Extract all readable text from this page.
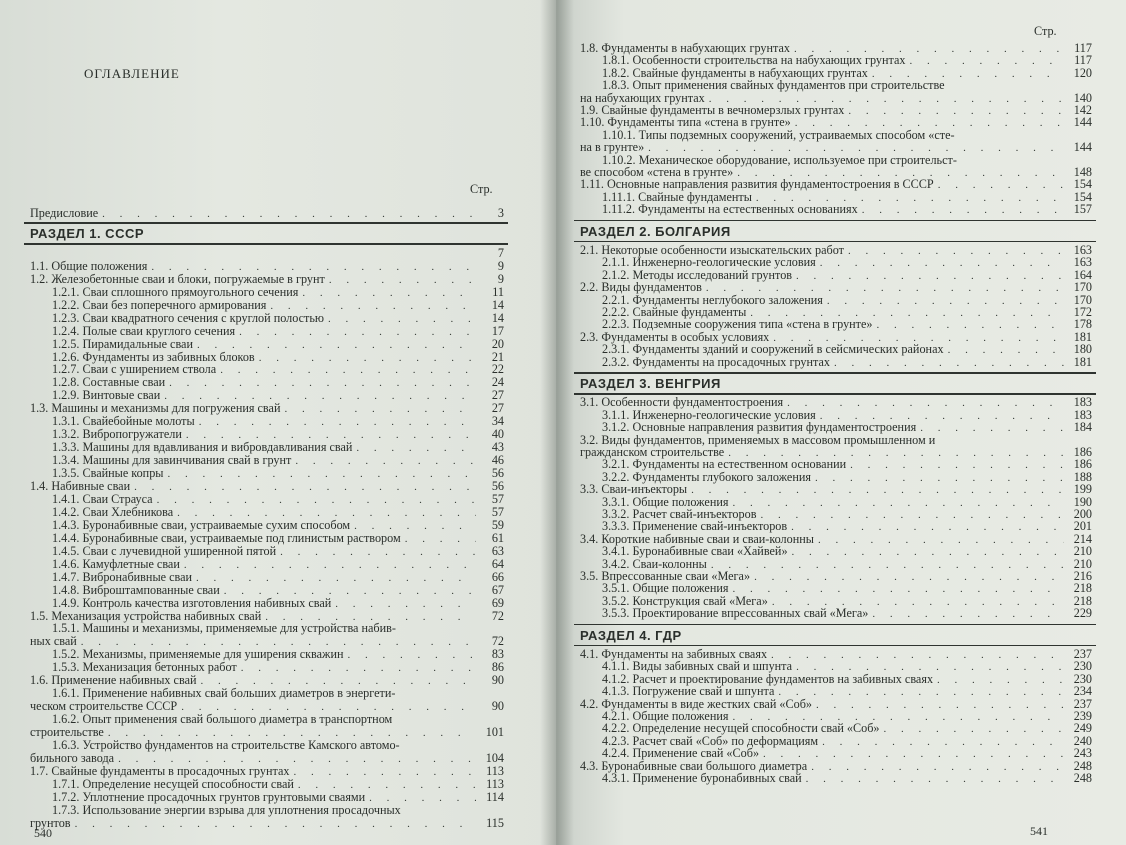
ОГЛАВЛЕНИЕ
Стр.
Предисловие . . .	3
РАЗДЕЛ 1. СССР
7
1.1. Общие положения . . .	9
1.2. Железобетонные сваи и блоки, погружаемые в грунт . . .	9
1.2.1. Сваи сплошного прямоугольного сечения . . .	11
1.2.2. Сваи без поперечного армирования . . .	14
1.2.3. Сваи квадратного сечения с круглой полостью . . .	14
1.2.4. Полые сваи круглого сечения . . .	17
1.2.5. Пирамидальные сваи . . .	20
1.2.6. Фундаменты из забивных блоков . . .	21
1.2.7. Сваи с уширением ствола . . .	22
1.2.8. Составные сваи . . .	24
1.2.9. Винтовые сваи . . .	27
1.3. Машины и механизмы для погружения свай . . .	27
1.3.1. Свайебойные молоты . . .	34
1.3.2. Вибропогружатели . . .	40
1.3.3. Машины для вдавливания и вибровдавливания свай . . .	43
1.3.4. Машины для завинчивания свай в грунт . . .	46
1.3.5. Свайные копры . . .	56
1.4. Набивные сваи . . .	56
1.4.1. Сваи Страуса . . .	57
1.4.2. Сваи Хлебникова . . .	57
1.4.3. Буронабивные сваи, устраиваемые сухим способом . . .	59
1.4.4. Буронабивные сваи, устраиваемые под глинистым раствором . . .	61
1.4.5. Сваи с лучевидной уширенной пятой . . .	63
1.4.6. Камуфлетные сваи . . .	64
1.4.7. Вибронабивные сваи . . .	66
1.4.8. Виброштампованные сваи . . .	67
1.4.9. Контроль качества изготовления набивных свай . . .	69
1.5. Механизация устройства набивных свай . . .	72
1.5.1. Машины и механизмы, применяемые для устройства набив-
ных свай . . .	72
1.5.2. Механизмы, применяемые для уширения скважин . . .	83
1.5.3. Механизация бетонных работ . . .	86
1.6. Применение набивных свай . . .	90
1.6.1. Применение набивных свай больших диаметров в энергети-
ческом строительстве СССР . . .	90
1.6.2. Опыт применения свай большого диаметра в транспортном
строительстве . . .	101
1.6.3. Устройство фундаментов на строительстве Камского автомо-
бильного завода . . .	104
1.7. Свайные фундаменты в просадочных грунтах . . .	113
1.7.1. Определение несущей способности свай . . .	113
1.7.2. Уплотнение просадочных грунтов грунтовыми сваями . . .	114
1.7.3. Использование энергии взрыва для уплотнения просадочных
грунтов . . .	115
540
Стр.
1.8. Фундаменты в набухающих грунтах . . .	117
1.8.1. Особенности строительства на набухающих грунтах . . .	117
1.8.2. Свайные фундаменты в набухающих грунтах . . .	120
1.8.3. Опыт применения свайных фундаментов при строительстве
на набухающих грунтах . . .	140
1.9. Свайные фундаменты в вечномерзлых грунтах . . .	142
1.10. Фундаменты типа «стена в грунте» . . .	144
1.10.1. Типы подземных сооружений, устраиваемых способом «сте-
на в грунте» . . .	144
1.10.2. Механическое оборудование, используемое при строительст-
ве способом «стена в грунте» . . .	148
1.11. Основные направления развития фундаментостроения в СССР . . .	154
1.11.1. Свайные фундаменты . . .	154
1.11.2. Фундаменты на естественных основаниях . . .	157
РАЗДЕЛ 2. БОЛГАРИЯ
2.1. Некоторые особенности изыскательских работ . . .	163
2.1.1. Инженерно-геологические условия . . .	163
2.1.2. Методы исследований грунтов . . .	164
2.2. Виды фундаментов . . .	170
2.2.1. Фундаменты неглубокого заложения . . .	170
2.2.2. Свайные фундаменты . . .	172
2.2.3. Подземные сооружения типа «стена в грунте» . . .	178
2.3. Фундаменты в особых условиях . . .	181
2.3.1. Фундаменты зданий и сооружений в сейсмических районах . . .	180
2.3.2. Фундаменты на просадочных грунтах . . .	181
РАЗДЕЛ 3. ВЕНГРИЯ
3.1. Особенности фундаментостроения . . .	183
3.1.1. Инженерно-геологические условия . . .	183
3.1.2. Основные направления развития фундаментостроения . . .	184
3.2. Виды фундаментов, применяемых в массовом промышленном и
гражданском строительстве . . .	186
3.2.1. Фундаменты на естественном основании . . .	186
3.2.2. Фундаменты глубокого заложения . . .	188
3.3. Сваи-инъекторы . . .	199
3.3.1. Общие положения . . .	190
3.3.2. Расчет свай-инъекторов . . .	200
3.3.3. Применение свай-инъекторов . . .	201
3.4. Короткие набивные сваи и сваи-колонны . . .	214
3.4.1. Буронабивные сваи «Хайвей» . . .	210
3.4.2. Сваи-колонны . . .	210
3.5. Впрессованные сваи «Мега» . . .	216
3.5.1. Общие положения . . .	218
3.5.2. Конструкция свай «Мега» . . .	218
3.5.3. Проектирование впрессованных свай «Мега» . . .	229
РАЗДЕЛ 4. ГДР
4.1. Фундаменты на забивных сваях . . .	237
4.1.1. Виды забивных свай и шпунта . . .	230
4.1.2. Расчет и проектирование фундаментов на забивных сваях . . .	230
4.1.3. Погружение свай и шпунта . . .	234
4.2. Фундаменты в виде жестких свай «Соб» . . .	237
4.2.1. Общие положения . . .	239
4.2.2. Определение несущей способности свай «Соб» . . .	249
4.2.3. Расчет свай «Соб» по деформациям . . .	240
4.2.4. Применение свай «Соб» . . .	243
4.3. Буронабивные сваи большого диаметра . . .	248
4.3.1. Применение буронабивных свай . . .	248
541
